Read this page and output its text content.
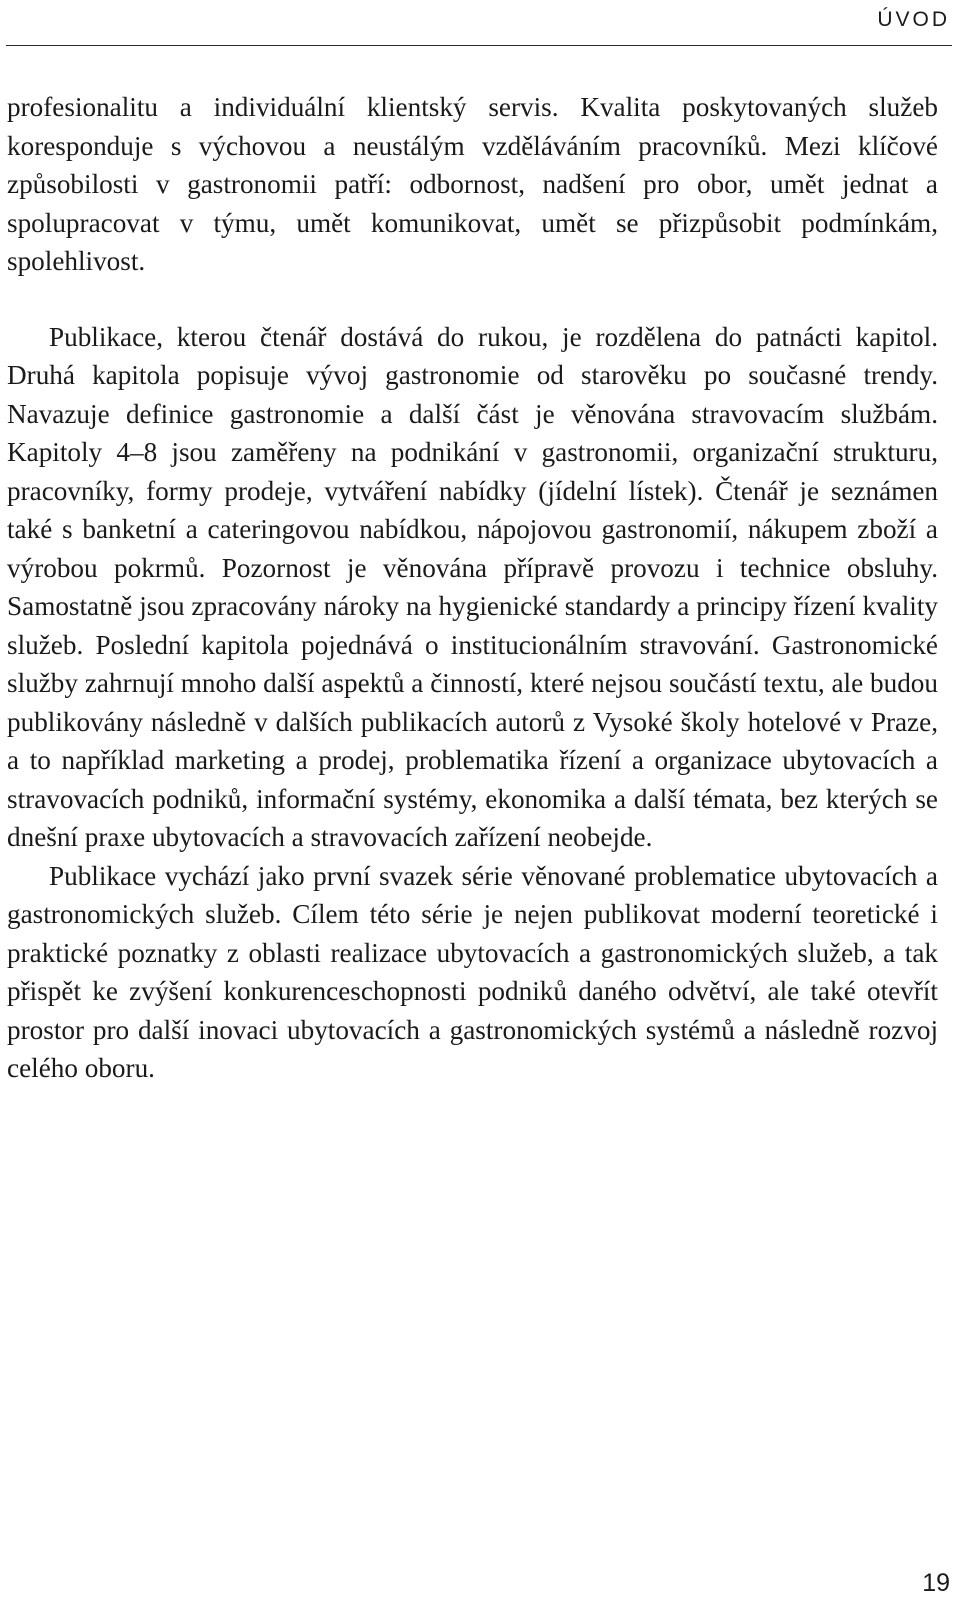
ÚVOD

profesionalitu a individuální klientský servis. Kvalita poskytovaných služeb koresponduje s výchovou a neustálým vzděláváním pracovníků. Mezi klíčové způsobilosti v gastronomii patří: odbornost, nadšení pro obor, umět jednat a spolupracovat v týmu, umět komunikovat, umět se přizpůsobit podmínkám, spolehlivost.

Publikace, kterou čtenář dostává do rukou, je rozdělena do patnácti kapitol. Druhá kapitola popisuje vývoj gastronomie od starověku po současné trendy. Navazuje definice gastronomie a další část je věnována stravovacím službám. Kapitoly 4–8 jsou zaměřeny na podnikání v gastronomii, organizační strukturu, pracovníky, formy prodeje, vytváření nabídky (jídelní lístek). Čtenář je seznámen také s banketní a cateringovou nabídkou, nápojovou gastronomií, nákupem zboží a výrobou pokrmů. Pozornost je věnována přípravě provozu i technice obsluhy. Samostatně jsou zpracovány nároky na hygienické standardy a principy řízení kvality služeb. Poslední kapitola pojednává o institucionálním stravování. Gastronomické služby zahrnují mnoho další aspektů a činností, které nejsou součástí textu, ale budou publikovány následně v dalších publikacích autorů z Vysoké školy hotelové v Praze, a to například marketing a prodej, problematika řízení a organizace ubytovacích a stravovacích podniků, informační systémy, ekonomika a další témata, bez kterých se dnešní praxe ubytovacích a stravovacích zařízení neobejde.

Publikace vychází jako první svazek série věnované problematice ubytovacích a gastronomických služeb. Cílem této série je nejen publikovat moderní teoretické i praktické poznatky z oblasti realizace ubytovacích a gastronomických služeb, a tak přispět ke zvýšení konkurenceschopnosti podniků daného odvětví, ale také otevřít prostor pro další inovaci ubytovacích a gastronomických systémů a následně rozvoj celého oboru.

19
